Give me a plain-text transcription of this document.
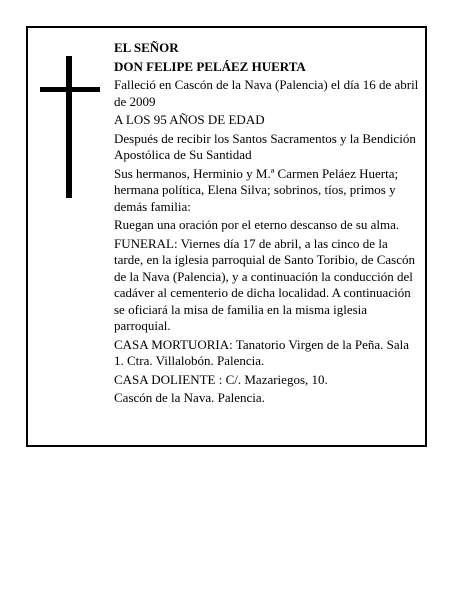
EL SEÑOR

DON FELIPE PELÁEZ HUERTA

Falleció en Cascón de la Nava (Palencia) el día 16 de abril de 2009

A LOS 95 AÑOS DE EDAD

Después de recibir los Santos Sacramentos y la Bendición Apostólica de Su Santidad

Sus hermanos, Herminio y M.ª Carmen Peláez Huerta; hermana política, Elena Silva; sobrinos, tíos, primos y demás familia:

Ruegan una oración por el eterno descanso de su alma.

FUNERAL: Viernes día 17 de abril, a las cinco de la tarde, en la iglesia parroquial de Santo Toribio, de Cascón de la Nava (Palencia), y a continuación la conducción del cadáver al cementerio de dicha localidad. A continuación se oficiará la misa de familia en la misma iglesia parroquial.

CASA MORTUORIA: Tanatorio Virgen de la Peña. Sala 1. Ctra. Villalobón. Palencia.

CASA DOLIENTE : C/. Mazariegos, 10.

Cascón de la Nava. Palencia.
